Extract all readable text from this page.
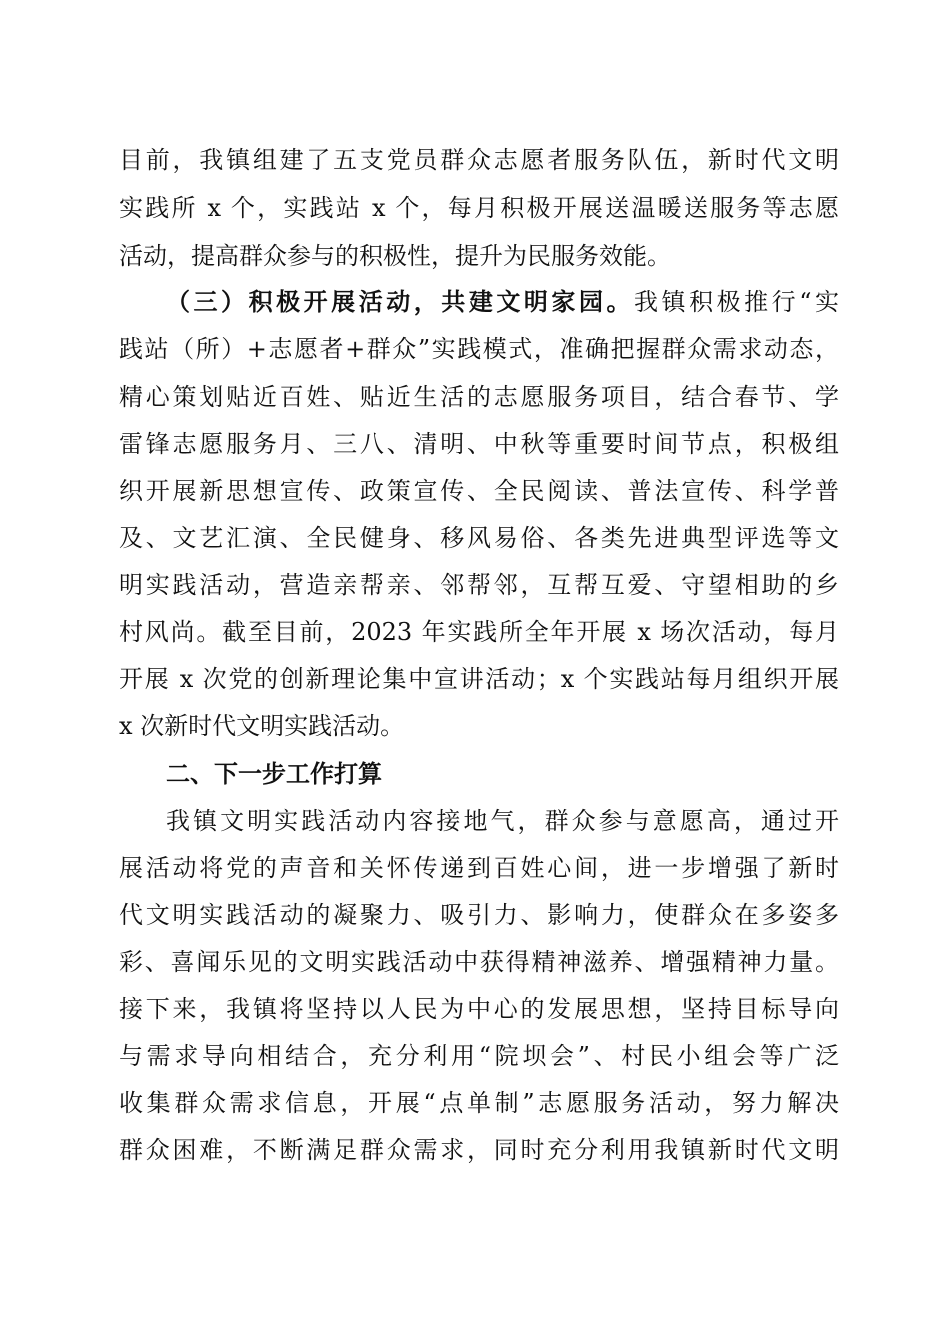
目前，我镇组建了五支党员群众志愿者服务队伍，新时代文明
实践所 x 个，实践站 x 个，每月积极开展送温暖送服务等志愿
活动，提高群众参与的积极性，提升为民服务效能。
（三）积极开展活动，共建文明家园。我镇积极推行“实
践站（所）+志愿者+群众”实践模式，准确把握群众需求动态，
精心策划贴近百姓、贴近生活的志愿服务项目，结合春节、学
雷锋志愿服务月、三八、清明、中秋等重要时间节点，积极组
织开展新思想宣传、政策宣传、全民阅读、普法宣传、科学普
及、文艺汇演、全民健身、移风易俗、各类先进典型评选等文
明实践活动，营造亲帮亲、邻帮邻，互帮互爱、守望相助的乡
村风尚。截至目前，2023 年实践所全年开展 x 场次活动，每月
开展 x 次党的创新理论集中宣讲活动；x 个实践站每月组织开展
x 次新时代文明实践活动。
二、下一步工作打算
我镇文明实践活动内容接地气，群众参与意愿高，通过开
展活动将党的声音和关怀传递到百姓心间，进一步增强了新时
代文明实践活动的凝聚力、吸引力、影响力，使群众在多姿多
彩、喜闻乐见的文明实践活动中获得精神滋养、增强精神力量。
接下来，我镇将坚持以人民为中心的发展思想，坚持目标导向
与需求导向相结合，充分利用“院坝会”、村民小组会等广泛
收集群众需求信息，开展“点单制”志愿服务活动，努力解决
群众困难，不断满足群众需求，同时充分利用我镇新时代文明
